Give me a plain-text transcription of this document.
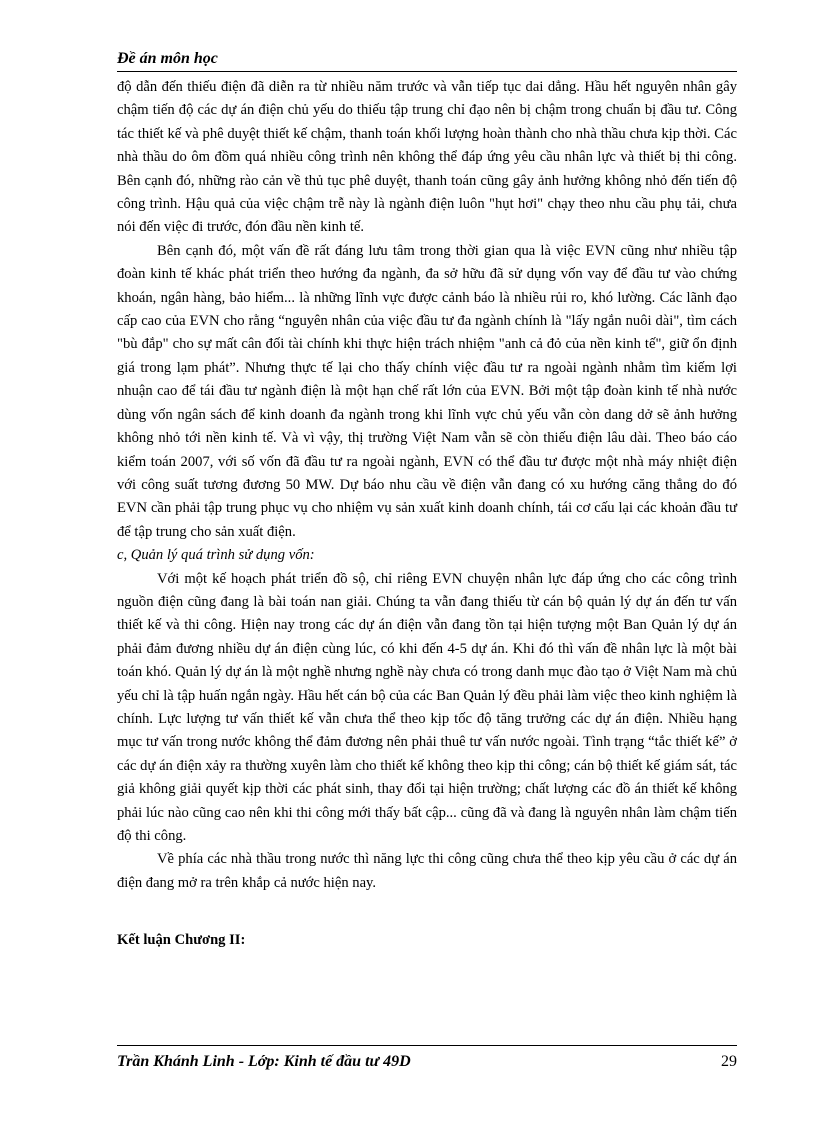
Đề án môn học

độ dẫn đến thiếu điện đã diễn ra từ nhiều năm trước và vẫn tiếp tục dai dẳng. Hầu hết nguyên nhân gây chậm tiến độ các dự án điện chủ yếu do thiếu tập trung chỉ đạo nên bị chậm trong chuẩn bị đầu tư. Công tác thiết kế và phê duyệt thiết kế chậm, thanh toán khối lượng hoàn thành cho nhà thầu chưa kịp thời. Các nhà thầu do ôm đồm quá nhiều công trình nên không thể đáp ứng yêu cầu nhân lực và thiết bị thi công. Bên cạnh đó, những rào cản về thủ tục phê duyệt, thanh toán cũng gây ảnh hưởng không nhỏ đến tiến độ công trình. Hậu quả của việc chậm trễ này là ngành điện luôn "hụt hơi" chạy theo nhu cầu phụ tải, chưa nói đến việc đi trước, đón đầu nền kinh tế.

Bên cạnh đó, một vấn đề rất đáng lưu tâm trong thời gian qua là việc EVN cũng như nhiều tập đoàn kinh tế khác phát triển theo hướng đa ngành, đa sở hữu đã sử dụng vốn vay để đầu tư vào chứng khoán, ngân hàng, bảo hiểm... là những lĩnh vực được cảnh báo là nhiều rủi ro, khó lường. Các lãnh đạo cấp cao của EVN cho rằng “nguyên nhân của việc đầu tư đa ngành chính là "lấy ngắn nuôi dài", tìm cách "bù đắp" cho sự mất cân đối tài chính khi thực hiện trách nhiệm "anh cả đỏ của nền kinh tế", giữ ổn định giá trong lạm phát”. Nhưng thực tế lại cho thấy chính việc đầu tư ra ngoài ngành nhằm tìm kiếm lợi nhuận cao để tái đầu tư ngành điện là một hạn chế rất lớn của EVN. Bởi một tập đoàn kinh tế nhà nước dùng vốn ngân sách để kinh doanh đa ngành trong khi lĩnh vực chủ yếu vẫn còn dang dở sẽ ảnh hưởng không nhỏ tới nền kinh tế. Và vì vậy, thị trường Việt Nam vẫn sẽ còn thiếu điện lâu dài. Theo báo cáo kiểm toán 2007, với số vốn đã đầu tư ra ngoài ngành, EVN có thể đầu tư được một nhà máy nhiệt điện với công suất tương đương 50 MW. Dự báo nhu cầu về điện vẫn đang có xu hướng căng thẳng do đó EVN cần phải tập trung phục vụ cho nhiệm vụ sản xuất kinh doanh chính, tái cơ cấu lại các khoản đầu tư để tập trung cho sản xuất điện.

c, Quản lý quá trình sử dụng vốn:

Với một kế hoạch phát triển đồ sộ, chỉ riêng EVN chuyện nhân lực đáp ứng cho các công trình nguồn điện cũng đang là bài toán nan giải. Chúng ta vẫn đang thiếu từ cán bộ quản lý dự án đến tư vấn thiết kế và thi công. Hiện nay trong các dự án điện vẫn đang tồn tại hiện tượng một Ban Quản lý dự án phải đảm đương nhiều dự án điện cùng lúc, có khi đến 4-5 dự án. Khi đó thì vấn đề nhân lực là một bài toán khó. Quản lý dự án là một nghề nhưng nghề này chưa có trong danh mục đào tạo ở Việt Nam mà chủ yếu chỉ là tập huấn ngắn ngày. Hầu hết cán bộ của các Ban Quản lý đều phải làm việc theo kinh nghiệm là chính. Lực lượng tư vấn thiết kế vẫn chưa thể theo kịp tốc độ tăng trưởng các dự án điện. Nhiều hạng mục tư vấn trong nước không thể đảm đương nên phải thuê tư vấn nước ngoài. Tình trạng “tắc thiết kế” ở các dự án điện xảy ra thường xuyên làm cho thiết kế không theo kịp thi công; cán bộ thiết kế giám sát, tác giả không giải quyết kịp thời các phát sinh, thay đổi tại hiện trường; chất lượng các đồ án thiết kế không phải lúc nào cũng cao nên khi thi công mới thấy bất cập... cũng đã và đang là nguyên nhân làm chậm tiến độ thi công.

Về phía các nhà thầu trong nước thì năng lực thi công cũng chưa thể theo kịp yêu cầu ở các dự án điện đang mở ra trên khắp cả nước hiện nay.

Kết luận Chương II:

Trần Khánh Linh - Lớp: Kinh tế đầu tư 49D	29
